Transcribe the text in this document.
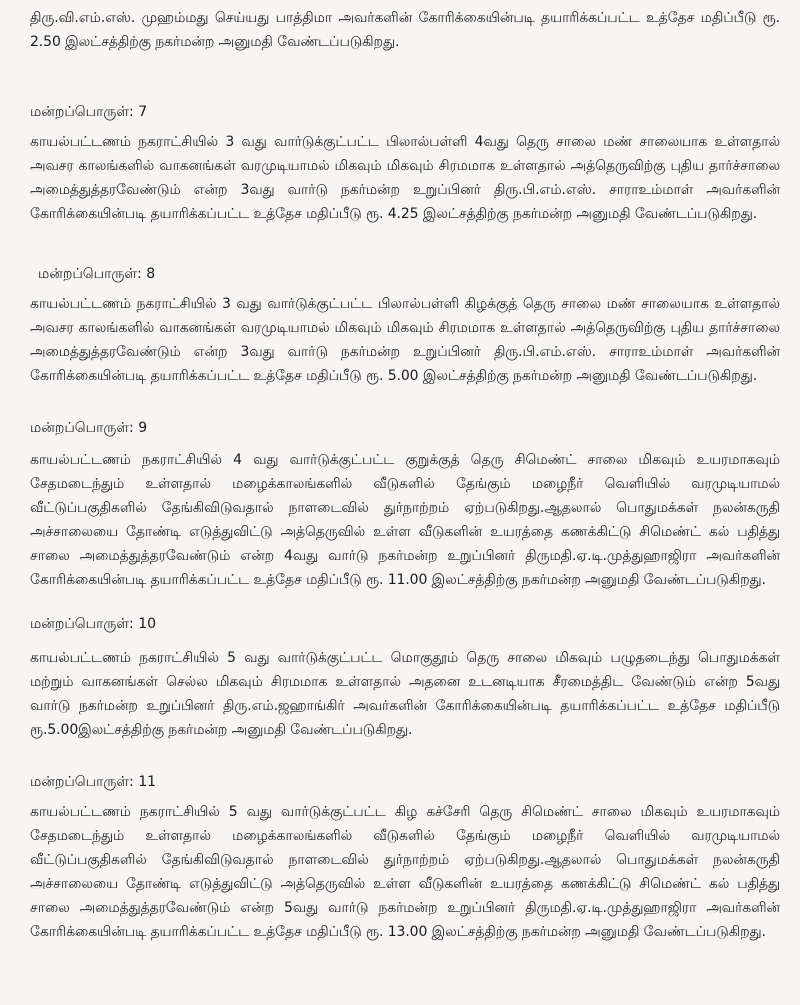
திரு.வி.எம்.எஸ். முஹம்மது செய்யது பாத்திமா அவர்களின் கோரிக்கையின்படி தயாரிக்கப்பட்ட உத்தேச மதிப்பீடு ரூ. 2.50 இலட்சத்திற்கு நகர்மன்ற அனுமதி வேண்டப்படுகிறது.

மன்றப்பொருள்: 7

காயல்பட்டணம் நகராட்சியில் 3 வது வார்டுக்குட்பட்ட பிலால்பள்ளி 4வது தெரு சாலை மண் சாலையாக உள்ளதால் அவசர காலங்களில் வாகனங்கள் வரமுடியாமல் மிகவும் மிகவும் சிரமமாக உள்ளதால் அத்தெருவிற்கு புதிய தார்ச்சாலை அமைத்துத்தரவேண்டும் என்ற 3வது வார்டு நகர்மன்ற உறுப்பினர் திரு.பி.எம்.எஸ். சாராஉம்மாள் அவர்களின் கோரிக்கையின்படி தயாரிக்கப்பட்ட உத்தேச மதிப்பீடு ரூ. 4.25 இலட்சத்திற்கு நகர்மன்ற அனுமதி வேண்டப்படுகிறது.

மன்றப்பொருள்: 8

காயல்பட்டணம் நகராட்சியில் 3 வது வார்டுக்குட்பட்ட பிலால்பள்ளி கிழக்குத் தெரு சாலை மண் சாலையாக உள்ளதால் அவசர காலங்களில் வாகனங்கள் வரமுடியாமல் மிகவும் மிகவும் சிரமமாக உள்ளதால் அத்தெருவிற்கு புதிய தார்ச்சாலை அமைத்துத்தரவேண்டும் என்ற 3வது வார்டு நகர்மன்ற உறுப்பினர் திரு.பி.எம்.எஸ். சாராஉம்மாள் அவர்களின் கோரிக்கையின்படி தயாரிக்கப்பட்ட உத்தேச மதிப்பீடு ரூ. 5.00 இலட்சத்திற்கு நகர்மன்ற அனுமதி வேண்டப்படுகிறது.

மன்றப்பொருள்: 9

காயல்பட்டணம் நகராட்சியில் 4 வது வார்டுக்குட்பட்ட குறுக்குத் தெரு சிமெண்ட் சாலை மிகவும் உயரமாகவும் சேதமடைந்தும் உள்ளதால் மழைக்காலங்களில் வீடுகளில் தேங்கும் மழைநீர் வெளியில் வரமுடியாமல் வீட்டுப்பகுதிகளில் தேங்கிவிடுவதால் நாளடைவில் துர்நாற்றம் ஏற்படுகிறது.ஆதலால் பொதுமக்கள் நலன்கருதி அச்சாலையை தோண்டி எடுத்துவிட்டு அத்தெருவில் உள்ள வீடுகளின் உயரத்தை கணக்கிட்டு சிமெண்ட் கல் பதித்து சாலை அமைத்துத்தரவேண்டும் என்ற 4வது வார்டு நகர்மன்ற உறுப்பினர் திருமதி.ஏ.டி.முத்துஹாஜிரா அவர்களின் கோரிக்கையின்படி தயாரிக்கப்பட்ட உத்தேச மதிப்பீடு ரூ. 11.00 இலட்சத்திற்கு நகர்மன்ற அனுமதி வேண்டப்படுகிறது.

மன்றப்பொருள்: 10

காயல்பட்டணம் நகராட்சியில் 5 வது வார்டுக்குட்பட்ட மொகுதூம் தெரு சாலை மிகவும் பழுதடைந்து பொதுமக்கள் மற்றும் வாகனங்கள் செல்ல மிகவும் சிரமமாக உள்ளதால் அதனை உடனடியாக சீரமைத்திட வேண்டும் என்ற 5வது வார்டு நகர்மன்ற உறுப்பினர் திரு.எம்.ஜஹாங்கிர் அவர்களின் கோரிக்கையின்படி தயாரிக்கப்பட்ட உத்தேச மதிப்பீடு ரூ.5.00இலட்சத்திற்கு நகர்மன்ற அனுமதி வேண்டப்படுகிறது.

மன்றப்பொருள்: 11

காயல்பட்டணம் நகராட்சியில் 5 வது வார்டுக்குட்பட்ட கிழ கச்சேரி தெரு சிமெண்ட் சாலை மிகவும் உயரமாகவும் சேதமடைந்தும் உள்ளதால் மழைக்காலங்களில் வீடுகளில் தேங்கும் மழைநீர் வெளியில் வரமுடியாமல் வீட்டுப்பகுதிகளில் தேங்கிவிடுவதால் நாளடைவில் துர்நாற்றம் ஏற்படுகிறது.ஆதலால் பொதுமக்கள் நலன்கருதி அச்சாலையை தோண்டி எடுத்துவிட்டு அத்தெருவில் உள்ள வீடுகளின் உயரத்தை கணக்கிட்டு சிமெண்ட் கல் பதித்து சாலை அமைத்துத்தரவேண்டும் என்ற 5வது வார்டு நகர்மன்ற உறுப்பினர் திருமதி.ஏ.டி.முத்துஹாஜிரா அவர்களின் கோரிக்கையின்படி தயாரிக்கப்பட்ட உத்தேச மதிப்பீடு ரூ. 13.00 இலட்சத்திற்கு நகர்மன்ற அனுமதி வேண்டப்படுகிறது.
